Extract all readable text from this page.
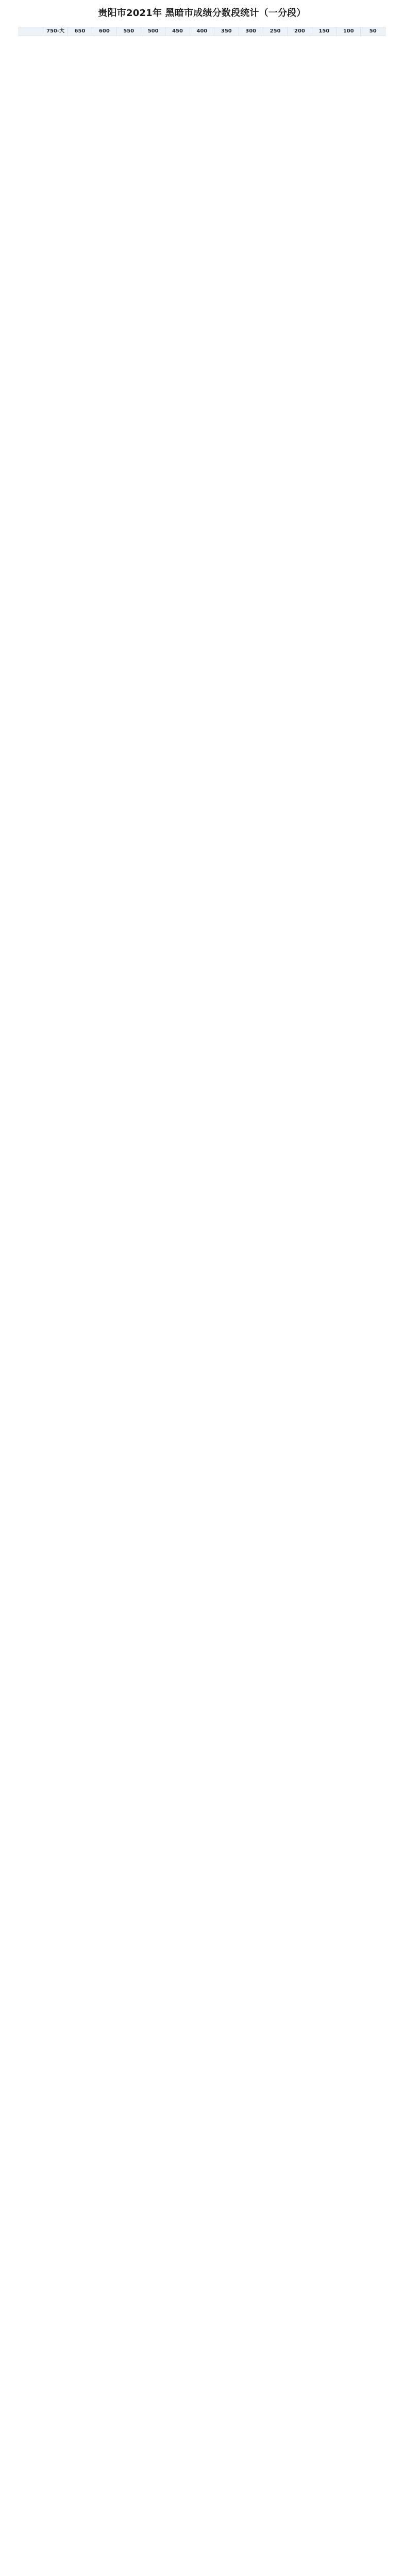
贵阳市2021年 黑暗市成绩分数段统计（一分段）
	750-大	650	600	550	500	450	400	350	300	250	200	150	100	50
